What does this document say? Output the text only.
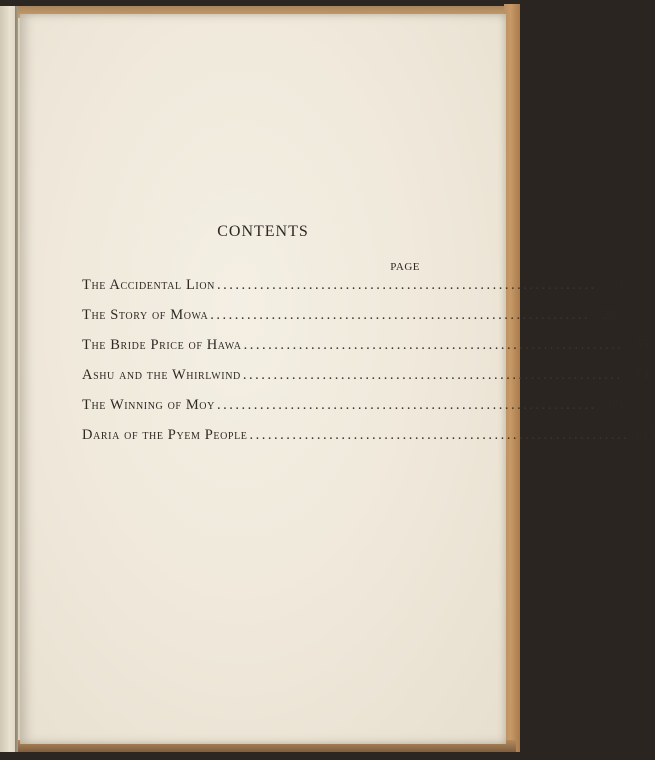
CONTENTS
PAGE
The Accidental Lion ..............................................................	3
The Story of Mowa .............................................................. 29
The Bride Price of Hawa .............................................................. 55
Ashu and the Whirlwind .............................................................. 73
The Winning of Moy .............................................................. 95
Daria of the Pyem People .............................................................. 115
